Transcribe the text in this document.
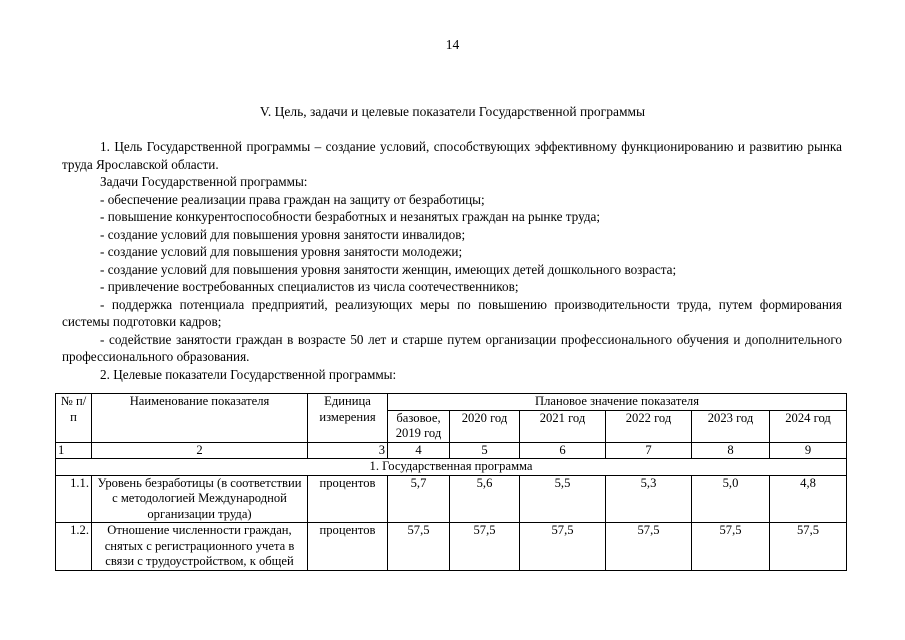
14
V. Цель, задачи и целевые показатели Государственной программы

1. Цель Государственной программы – создание условий, способствующих эффективному функционированию и развитию рынка труда Ярославской области.

Задачи Государственной программы:

- обеспечение реализации права граждан на защиту от безработицы;

- повышение конкурентоспособности безработных и незанятых граждан на рынке труда;

- создание условий для повышения уровня занятости инвалидов;

- создание условий для повышения уровня занятости молодежи;

- создание условий для повышения уровня занятости женщин, имеющих детей дошкольного возраста;

- привлечение востребованных специалистов из числа соотечественников;

- поддержка потенциала предприятий, реализующих меры по повышению производительности труда, путем формирования системы подготовки кадров;

- содействие занятости граждан в возрасте 50 лет и старше путем организации профессионального обучения и дополнительного профессионального образования.

2. Целевые показатели Государственной программы:

№ п/п	Наименование показателя	Единица измерения	Плановое значение показателя					
			базовое, 2019 год	2020 год	2021 год	2022 год	2023 год	2024 год
1	2	3	4	5	6	7	8	9
1. Государственная программа								
1.1.	Уровень безработицы (в соответствии с методологией Международной организации труда)	процентов	5,7	5,6	5,5	5,3	5,0	4,8
1.2.	Отношение численности граждан, снятых с регистрационного учета в связи с трудоустройством, к общей	процентов	57,5	57,5	57,5	57,5	57,5	57,5
